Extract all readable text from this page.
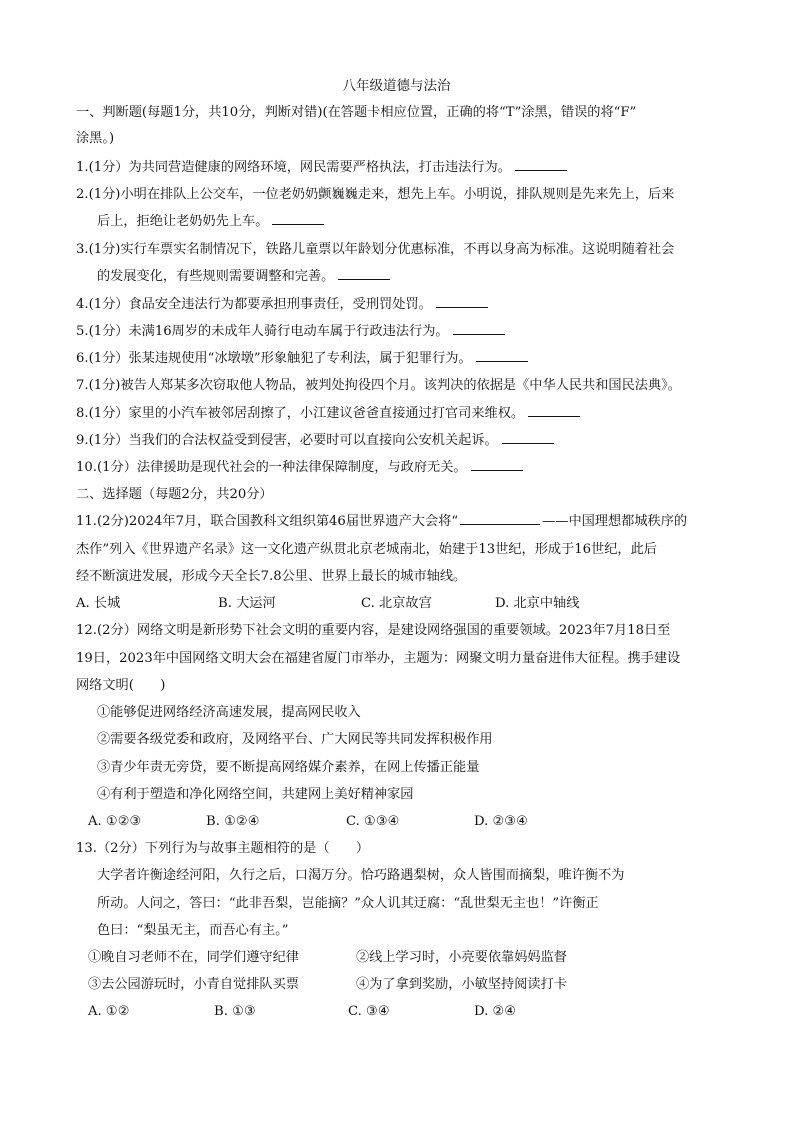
八年级道德与法治
一、判断题(每题1分，共10分，判断对错)(在答题卡相应位置，正确的将“T”涂黑，错误的将“F”
涂黑。)
1.(1分）为共同营造健康的网络环境，网民需要严格执法，打击违法行为。
2.(1分)小明在排队上公交车，一位老奶奶颤巍巍走来，想先上车。小明说，排队规则是先来先上，后来
后上，拒绝让老奶奶先上车。
3.(1分)实行车票实名制情况下，铁路儿童票以年龄划分优惠标准，不再以身高为标准。这说明随着社会
的发展变化，有些规则需要调整和完善。
4.(1分）食品安全违法行为都要承担刑事责任，受刑罚处罚。
5.(1分）未满16周岁的未成年人骑行电动车属于行政违法行为。
6.(1分）张某违规使用“冰墩墩”形象触犯了专利法，属于犯罪行为。
7.(1分)被告人郑某多次窃取他人物品，被判处拘役四个月。该判决的依据是《中华人民共和国民法典》。
8.(1分）家里的小汽车被邻居刮擦了，小江建议爸爸直接通过打官司来维权。
9.(1分）当我们的合法权益受到侵害，必要时可以直接向公安机关起诉。
10.(1分）法律援助是现代社会的一种法律保障制度，与政府无关。
二、选择题（每题2分，共20分）
11.(2分)2024年7月，联合国教科文组织第46届世界遗产大会将“	——中国理想都城秩序的
杰作”列入《世界遗产名录》这一文化遗产纵贯北京老城南北，始建于13世纪，形成于16世纪，此后
经不断演进发展，形成今天全长7.8公里、世界上最长的城市轴线。
A. 长城	B. 大运河	C. 北京故宫	D. 北京中轴线
12.(2分）网络文明是新形势下社会文明的重要内容，是建设网络强国的重要领域。2023年7月18日至
19日，2023年中国网络文明大会在福建省厦门市举办，主题为：网聚文明力量奋进伟大征程。携手建设
网络文明(　　)
①能够促进网络经济高速发展，提高网民收入
②需要各级党委和政府，及网络平台、广大网民等共同发挥积极作用
③青少年责无旁贷，要不断提高网络媒介素养，在网上传播正能量
④有利于塑造和净化网络空间，共建网上美好精神家园
A. ①②③	B. ①②④	C. ①③④	D. ②③④
13.（2分）下列行为与故事主题相符的是（　　）
大学者许衡途经河阳，久行之后，口渴万分。恰巧路遇梨树，众人皆围而摘梨，唯许衡不为
所动。人问之，答曰：“此非吾梨，岂能摘？”众人讥其迂腐：“乱世梨无主也！”许衡正
色曰：“梨虽无主，而吾心有主。”
①晚自习老师不在，同学们遵守纪律	②线上学习时，小亮要依靠妈妈监督
③去公园游玩时，小青自觉排队买票	④为了拿到奖励，小敏坚持阅读打卡
A. ①②	B. ①③	C. ③④	D. ②④
